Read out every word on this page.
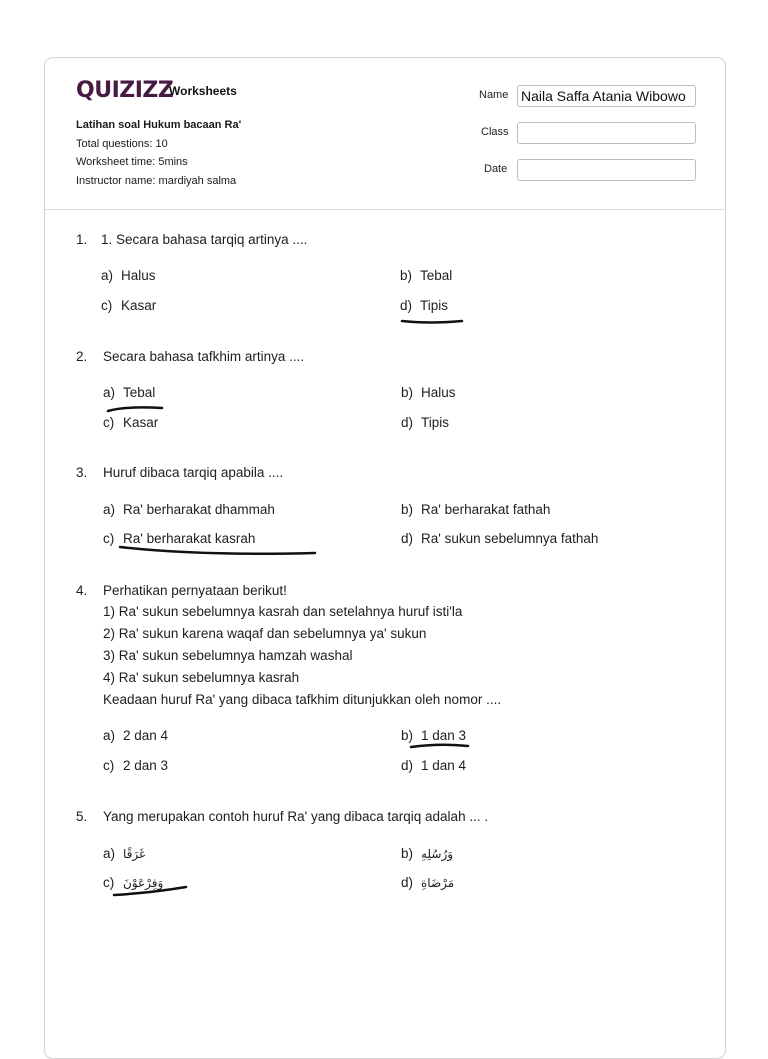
QUIZIZZ
Worksheets
Latihan soal Hukum bacaan Ra'
Total questions: 10
Worksheet time: 5mins
Instructor name: mardiyah salma
Name Naila Saffa Atania Wibowo
Class
Date
1. 1. Secara bahasa tarqiq artinya ....
a) Halus	b) Tebal
c) Kasar	d) Tipis
2. Secara bahasa tafkhim artinya ....
a) Tebal	b) Halus
c) Kasar	d) Tipis
3. Huruf dibaca tarqiq apabila ....
a) Ra' berharakat dhammah	b) Ra' berharakat fathah
c) Ra' berharakat kasrah	d) Ra' sukun sebelumnya fathah
4. Perhatikan pernyataan berikut!
1) Ra' sukun sebelumnya kasrah dan setelahnya huruf isti'la
2) Ra' sukun karena waqaf dan sebelumnya ya' sukun
3) Ra' sukun sebelumnya hamzah washal
4) Ra' sukun sebelumnya kasrah
Keadaan huruf Ra' yang dibaca tafkhim ditunjukkan oleh nomor ....
a) 2 dan 4	b) 1 dan 3
c) 2 dan 3	d) 1 dan 4
5. Yang merupakan contoh huruf Ra' yang dibaca tarqiq adalah ... .
a) غَرَقًا	b) وَرُسُلِهِ
c) وَفِرْعَوْنَ	d) مَرْضَاةِ
